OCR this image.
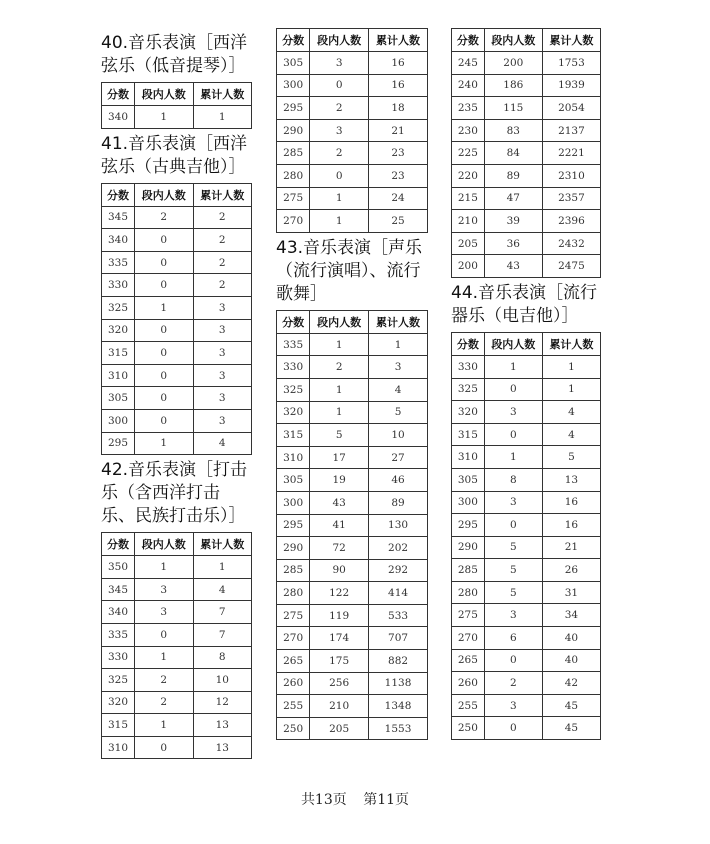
40.音乐表演［西洋弦乐（低音提琴）］
分数	段内人数	累计人数
340	1	1
41.音乐表演［西洋弦乐（古典吉他）］
分数	段内人数	累计人数
345	2	2
340	0	2
335	0	2
330	0	2
325	1	3
320	0	3
315	0	3
310	0	3
305	0	3
300	0	3
295	1	4
42.音乐表演［打击乐（含西洋打击乐、民族打击乐）］
分数	段内人数	累计人数
350	1	1
345	3	4
340	3	7
335	0	7
330	1	8
325	2	10
320	2	12
315	1	13
310	0	13
分数	段内人数	累计人数
305	3	16
300	0	16
295	2	18
290	3	21
285	2	23
280	0	23
275	1	24
270	1	25
43.音乐表演［声乐（流行演唱）、流行歌舞］
分数	段内人数	累计人数
335	1	1
330	2	3
325	1	4
320	1	5
315	5	10
310	17	27
305	19	46
300	43	89
295	41	130
290	72	202
285	90	292
280	122	414
275	119	533
270	174	707
265	175	882
260	256	1138
255	210	1348
250	205	1553
分数	段内人数	累计人数
245	200	1753
240	186	1939
235	115	2054
230	83	2137
225	84	2221
220	89	2310
215	47	2357
210	39	2396
205	36	2432
200	43	2475
44.音乐表演［流行器乐（电吉他）］
分数	段内人数	累计人数
330	1	1
325	0	1
320	3	4
315	0	4
310	1	5
305	8	13
300	3	16
295	0	16
290	5	21
285	5	26
280	5	31
275	3	34
270	6	40
265	0	40
260	2	42
255	3	45
250	0	45
共13页 第11页
